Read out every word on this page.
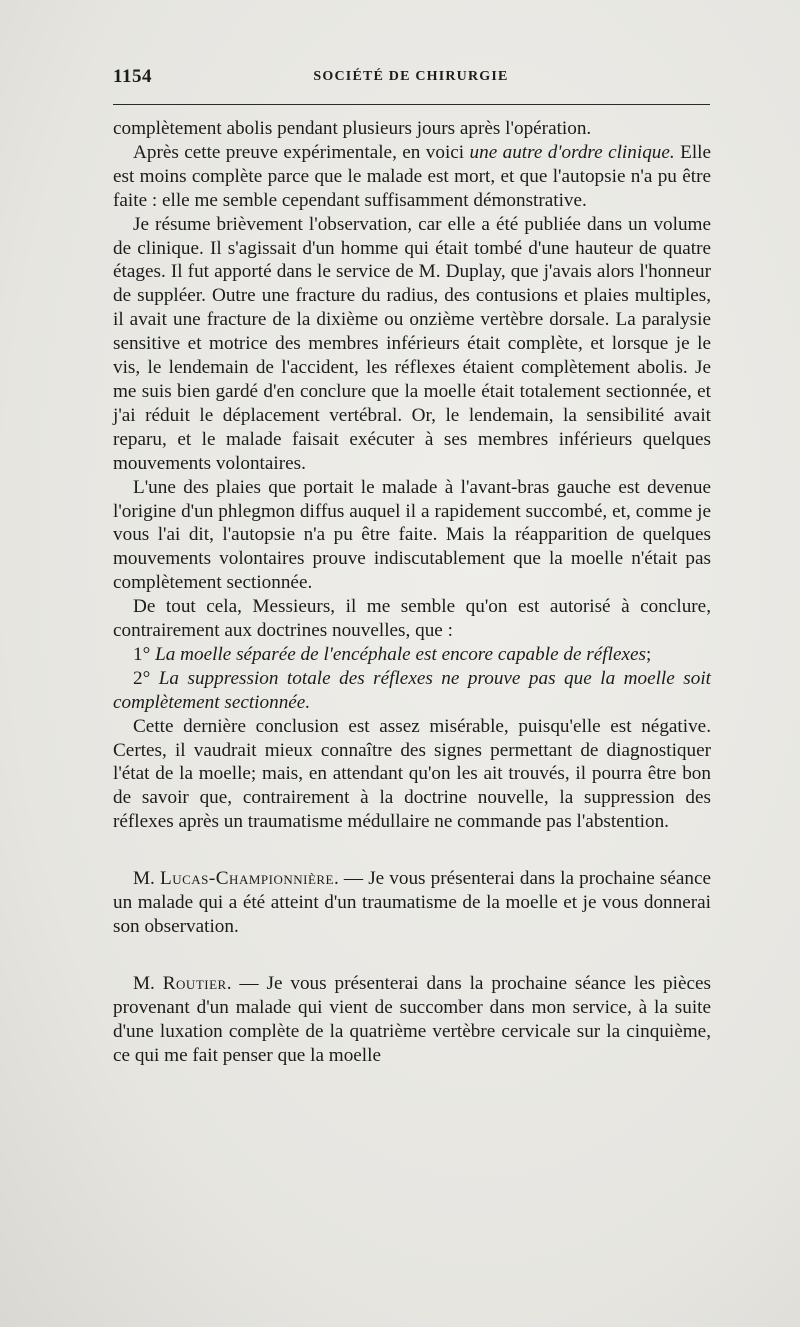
1154	SOCIÉTÉ DE CHIRURGIE

complètement abolis pendant plusieurs jours après l'opération.

Après cette preuve expérimentale, en voici une autre d'ordre clinique. Elle est moins complète parce que le malade est mort, et que l'autopsie n'a pu être faite : elle me semble cependant suffisamment démonstrative.

Je résume brièvement l'observation, car elle a été publiée dans un volume de clinique. Il s'agissait d'un homme qui était tombé d'une hauteur de quatre étages. Il fut apporté dans le service de M. Duplay, que j'avais alors l'honneur de suppléer. Outre une fracture du radius, des contusions et plaies multiples, il avait une fracture de la dixième ou onzième vertèbre dorsale. La paralysie sensitive et motrice des membres inférieurs était complète, et lorsque je le vis, le lendemain de l'accident, les réflexes étaient complètement abolis. Je me suis bien gardé d'en conclure que la moelle était totalement sectionnée, et j'ai réduit le déplacement vertébral. Or, le lendemain, la sensibilité avait reparu, et le malade faisait exécuter à ses membres inférieurs quelques mouvements volontaires.

L'une des plaies que portait le malade à l'avant-bras gauche est devenue l'origine d'un phlegmon diffus auquel il a rapidement succombé, et, comme je vous l'ai dit, l'autopsie n'a pu être faite. Mais la réapparition de quelques mouvements volontaires prouve indiscutablement que la moelle n'était pas complètement sectionnée.

De tout cela, Messieurs, il me semble qu'on est autorisé à conclure, contrairement aux doctrines nouvelles, que :

1° La moelle séparée de l'encéphale est encore capable de réflexes;

2° La suppression totale des réflexes ne prouve pas que la moelle soit complètement sectionnée.

Cette dernière conclusion est assez misérable, puisqu'elle est négative. Certes, il vaudrait mieux connaître des signes permettant de diagnostiquer l'état de la moelle; mais, en attendant qu'on les ait trouvés, il pourra être bon de savoir que, contrairement à la doctrine nouvelle, la suppression des réflexes après un traumatisme médullaire ne commande pas l'abstention.

M. Lucas-Championnière. — Je vous présenterai dans la prochaine séance un malade qui a été atteint d'un traumatisme de la moelle et je vous donnerai son observation.

M. Routier. — Je vous présenterai dans la prochaine séance les pièces provenant d'un malade qui vient de succomber dans mon service, à la suite d'une luxation complète de la quatrième vertèbre cervicale sur la cinquième, ce qui me fait penser que la moelle
